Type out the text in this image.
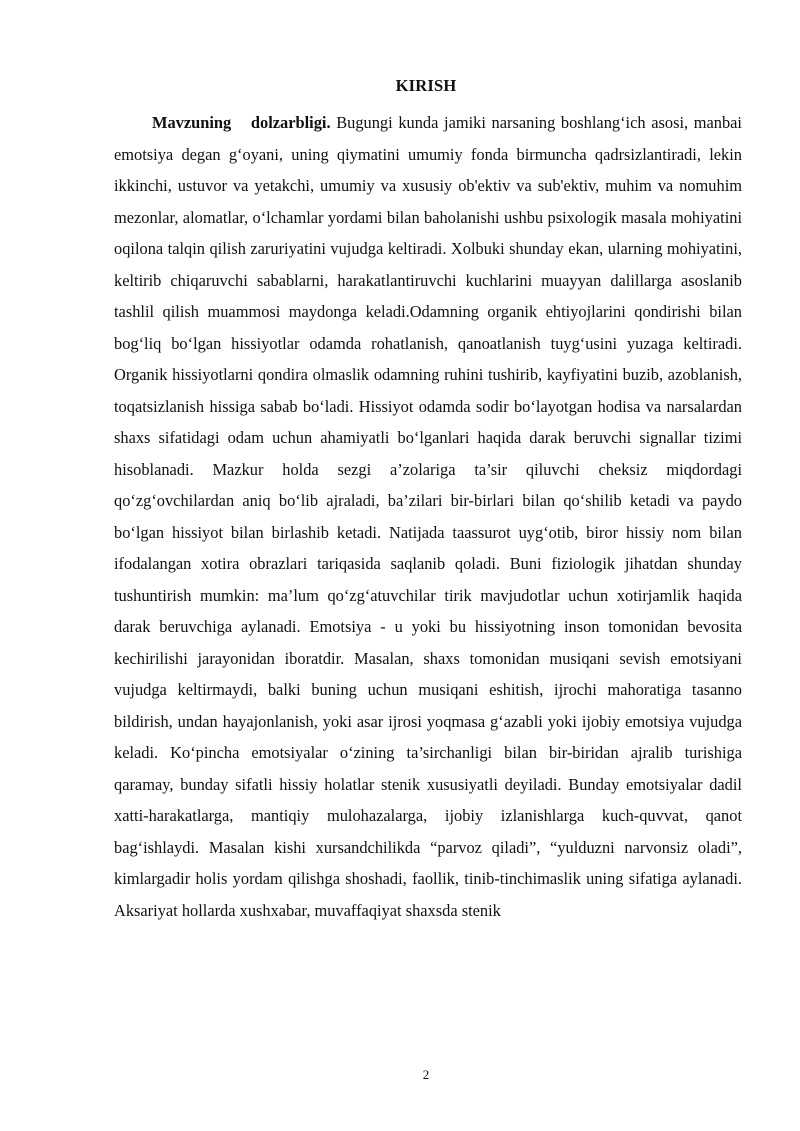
KIRISH

Mavzuning dolzarbligi. Bugungi kunda jamiki narsaning boshlang‘ich asosi, manbai emotsiya degan g‘oyani, uning qiymatini umumiy fonda birmuncha qadrsizlantiradi, lekin ikkinchi, ustuvor va yetakchi, umumiy va xususiy ob'ektiv va sub'ektiv, muhim va nomuhim mezonlar, alomatlar, o‘lchamlar yordami bilan baholanishi ushbu psixologik masala mohiyatini oqilona talqin qilish zaruriyatini vujudga keltiradi. Xolbuki shunday ekan, ularning mohiyatini, keltirib chiqaruvchi sabablarni, harakatlantiruvchi kuchlarini muayyan dalillarga asoslanib tashlil qilish muammosi maydonga keladi.Odamning organik ehtiyojlarini qondirishi bilan bog‘liq bo‘lgan hissiyotlar odamda rohatlanish, qanoatlanish tuyg‘usini yuzaga keltiradi. Organik hissiyotlarni qondira olmaslik odamning ruhini tushirib, kayfiyatini buzib, azoblanish, toqatsizlanish hissiga sabab bo‘ladi. Hissiyot odamda sodir bo‘layotgan hodisa va narsalardan shaxs sifatidagi odam uchun ahamiyatli bo‘lganlari haqida darak beruvchi signallar tizimi hisoblanadi. Mazkur holda sezgi a’zolariga ta’sir qiluvchi cheksiz miqdordagi qo‘zg‘ovchilardan aniq bo‘lib ajraladi, ba’zilari bir-birlari bilan qo‘shilib ketadi va paydo bo‘lgan hissiyot bilan birlashib ketadi. Natijada taassurot uyg‘otib, biror hissiy nom bilan ifodalangan xotira obrazlari tariqasida saqlanib qoladi. Buni fiziologik jihatdan shunday tushuntirish mumkin: ma’lum qo‘zg‘atuvchilar tirik mavjudotlar uchun xotirjamlik haqida darak beruvchiga aylanadi. Emotsiya - u yoki bu hissiyotning inson tomonidan bevosita kechirilishi jarayonidan iboratdir. Masalan, shaxs tomonidan musiqani sevish emotsiyani vujudga keltirmaydi, balki buning uchun musiqani eshitish, ijrochi mahoratiga tasanno bildirish, undan hayajonlanish, yoki asar ijrosi yoqmasa g‘azabli yoki ijobiy emotsiya vujudga keladi. Ko‘pincha emotsiyalar o‘zining ta’sirchanligi bilan bir-biridan ajralib turishiga qaramay, bunday sifatli hissiy holatlar stenik xususiyatli deyiladi. Bunday emotsiyalar dadil xatti-harakatlarga, mantiqiy mulohazalarga, ijobiy izlanishlarga kuch-quvvat, qanot bag‘ishlaydi. Masalan kishi xursandchilikda “parvoz qiladi”, “yulduzni narvonsiz oladi”, kimlargadir holis yordam qilishga shoshadi, faollik, tinib-tinchimaslik uning sifatiga aylanadi. Aksariyat hollarda xushxabar, muvaffaqiyat shaxsda stenik

2
